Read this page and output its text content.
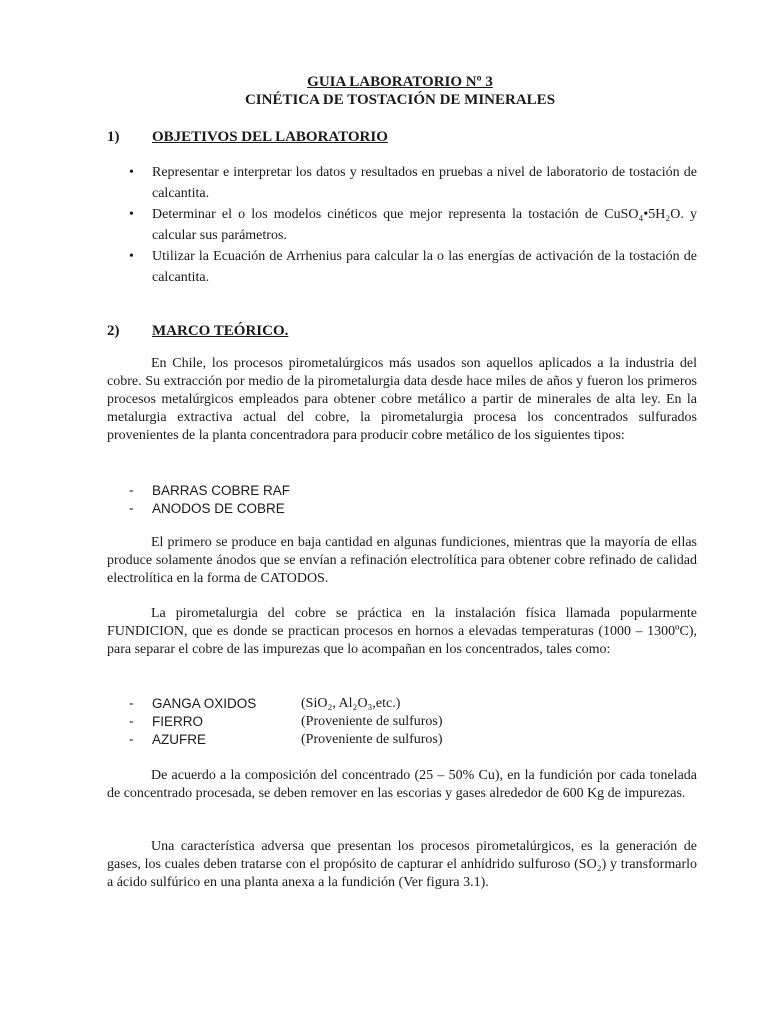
GUIA LABORATORIO Nº 3
CINÉTICA DE TOSTACIÓN DE MINERALES
1) OBJETIVOS DEL LABORATORIO
• Representar e interpretar los datos y resultados en pruebas a nivel de laboratorio de tostación de calcantita.
• Determinar el o los modelos cinéticos que mejor representa la tostación de CuSO₄•5H₂O. y calcular sus parámetros.
• Utilizar la Ecuación de Arrhenius para calcular la o las energías de activación de la tostación de calcantita.
2) MARCO TEÓRICO.

En Chile, los procesos pirometalúrgicos más usados son aquellos aplicados a la industria del cobre. Su extracción por medio de la pirometalurgia data desde hace miles de años y fueron los primeros procesos metalúrgicos empleados para obtener cobre metálico a partir de minerales de alta ley. En la metalurgia extractiva actual del cobre, la pirometalurgia procesa los concentrados sulfurados provenientes de la planta concentradora para producir cobre metálico de los siguientes tipos:

- BARRAS COBRE RAF
- ANODOS DE COBRE

El primero se produce en baja cantidad en algunas fundiciones, mientras que la mayoría de ellas produce solamente ánodos que se envían a refinación electrolítica para obtener cobre refinado de calidad electrolítica en la forma de CATODOS.

La pirometalurgia del cobre se práctica en la instalación física llamada popularmente FUNDICION, que es donde se practican procesos en hornos a elevadas temperaturas (1000 – 1300ºC), para separar el cobre de las impurezas que lo acompañan en los concentrados, tales como:

- GANGA OXIDOS	(SiO₂, Al₂O₃,etc.)
- FIERRO	(Proveniente de sulfuros)
- AZUFRE	(Proveniente de sulfuros)

De acuerdo a la composición del concentrado (25 – 50% Cu), en la fundición por cada tonelada de concentrado procesada, se deben remover en las escorias y gases alrededor de 600 Kg de impurezas.

Una característica adversa que presentan los procesos pirometalúrgicos, es la generación de gases, los cuales deben tratarse con el propósito de capturar el anhídrido sulfuroso (SO₂) y transformarlo a ácido sulfúrico en una planta anexa a la fundición (Ver figura 3.1).
